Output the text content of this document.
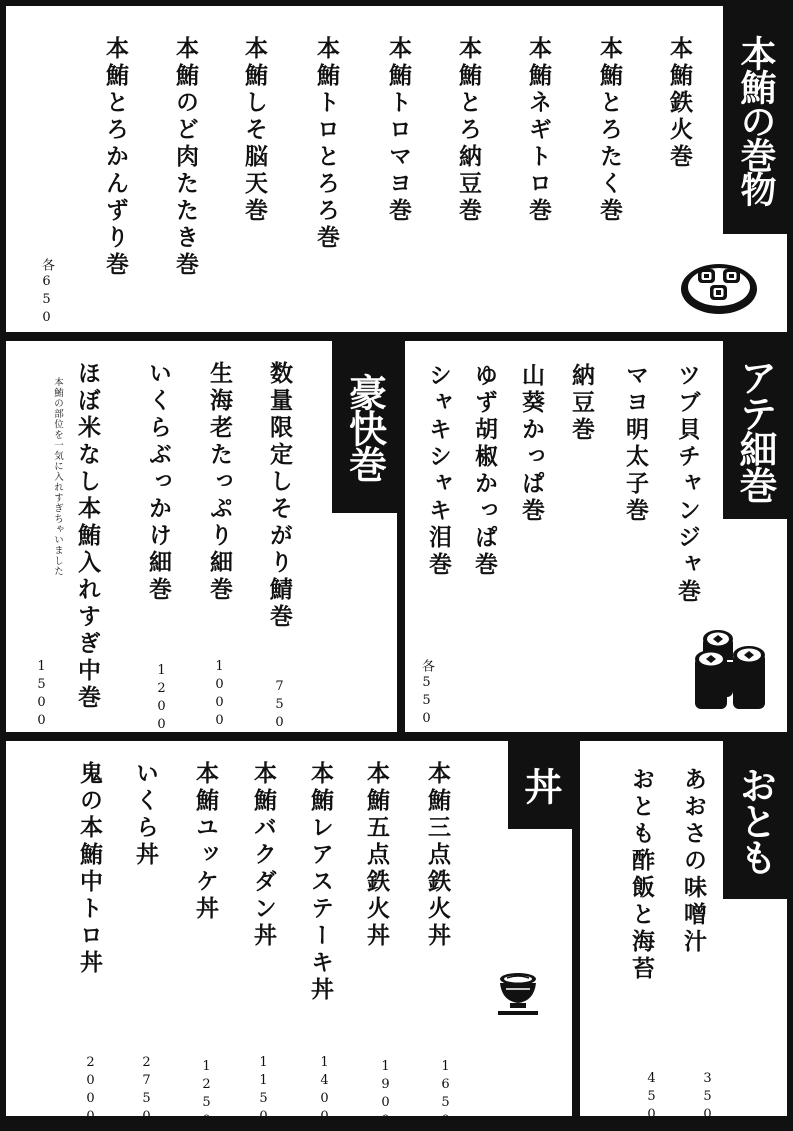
本鮪の巻物
本鮪鉄火巻
本鮪とろたく巻
本鮪ネギトロ巻
本鮪とろ納豆巻
本鮪トロマヨ巻
本鮪トロとろろ巻
本鮪しそ脳天巻
本鮪のど肉たたき巻
本鮪とろかんずり巻
各650
豪快巻
数量限定しそがり鯖巻
750
生海老たっぷり細巻
1000
いくらぶっかけ細巻
1200
ほぼ米なし本鮪入れすぎ中巻
1500
本鮪の部位を一気に入れすぎちゃいました	アテ細巻
ツブ貝チャンジャ巻
マヨ明太子巻
納豆巻
山葵かっぱ巻
ゆず胡椒かっぱ巻
シャキシャキ泪巻
各550
丼
本鮪三点鉄火丼
1650
本鮪五点鉄火丼
1900
本鮪レアステーキ丼
1400
本鮪バクダン丼
1150
本鮪ユッケ丼
1250
いくら丼
2750
鬼の本鮪中トロ丼
2000
おとも
あおさの味噌汁
350
おとも酢飯と海苔
450
